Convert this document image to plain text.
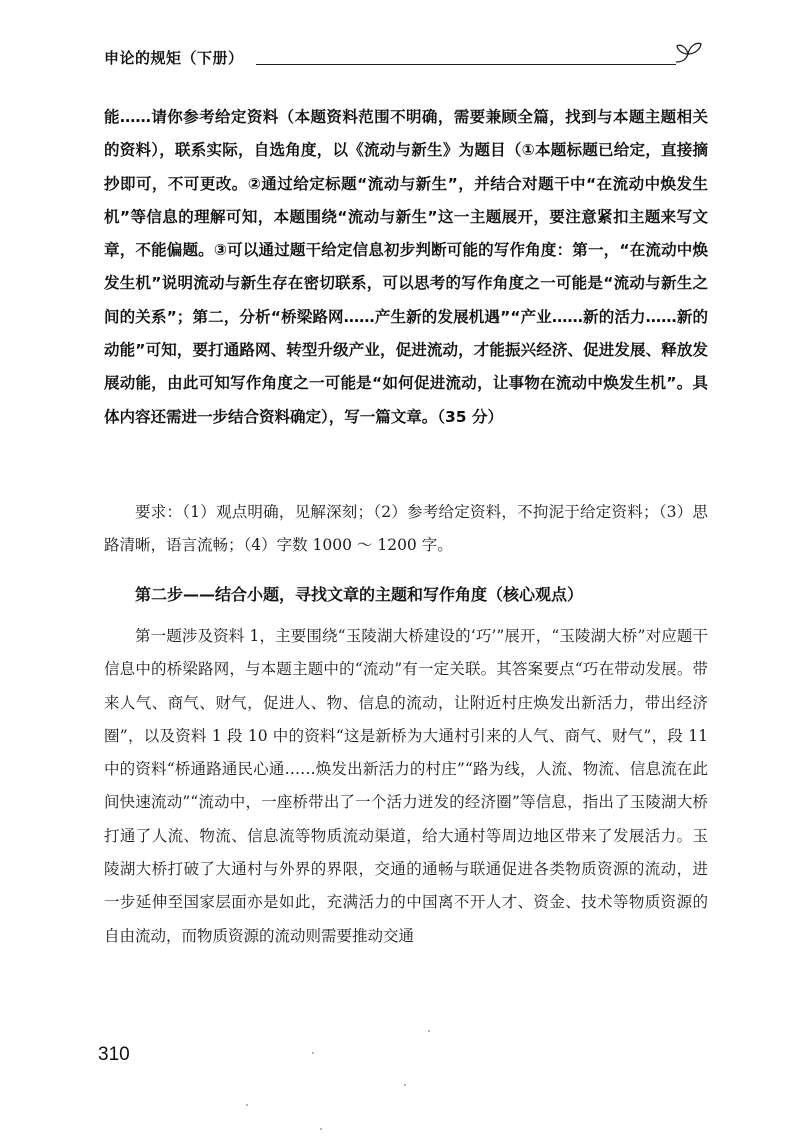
申论的规矩（下册）

能……请你参考给定资料（本题资料范围不明确，需要兼顾全篇，找到与本题主题相关的资料），联系实际，自选角度，以《流动与新生》为题目（①本题标题已给定，直接摘抄即可，不可更改。②通过给定标题“流动与新生”，并结合对题干中“在流动中焕发生机”等信息的理解可知，本题围绕“流动与新生”这一主题展开，要注意紧扣主题来写文章，不能偏题。③可以通过题干给定信息初步判断可能的写作角度：第一，“在流动中焕发生机”说明流动与新生存在密切联系，可以思考的写作角度之一可能是“流动与新生之间的关系”；第二，分析“桥梁路网……产生新的发展机遇”“产业……新的活力……新的动能”可知，要打通路网、转型升级产业，促进流动，才能振兴经济、促进发展、释放发展动能，由此可知写作角度之一可能是“如何促进流动，让事物在流动中焕发生机”。具体内容还需进一步结合资料确定），写一篇文章。（35 分）

要求：（1）观点明确，见解深刻；（2）参考给定资料，不拘泥于给定资料；（3）思路清晰，语言流畅；（4）字数 1000 ～ 1200 字。

第二步——结合小题，寻找文章的主题和写作角度（核心观点）

第一题涉及资料 1，主要围绕“玉陵湖大桥建设的‘巧’”展开，“玉陵湖大桥”对应题干信息中的桥梁路网，与本题主题中的“流动”有一定关联。其答案要点“巧在带动发展。带来人气、商气、财气，促进人、物、信息的流动，让附近村庄焕发出新活力，带出经济圈”，以及资料 1 段 10 中的资料“这是新桥为大通村引来的人气、商气、财气”，段 11 中的资料“桥通路通民心通……焕发出新活力的村庄”“路为线，人流、物流、信息流在此间快速流动”“流动中，一座桥带出了一个活力迸发的经济圈”等信息，指出了玉陵湖大桥打通了人流、物流、信息流等物质流动渠道，给大通村等周边地区带来了发展活力。玉陵湖大桥打破了大通村与外界的界限，交通的通畅与联通促进各类物质资源的流动，进一步延伸至国家层面亦是如此，充满活力的中国离不开人才、资金、技术等物质资源的自由流动，而物质资源的流动则需要推动交通

310
